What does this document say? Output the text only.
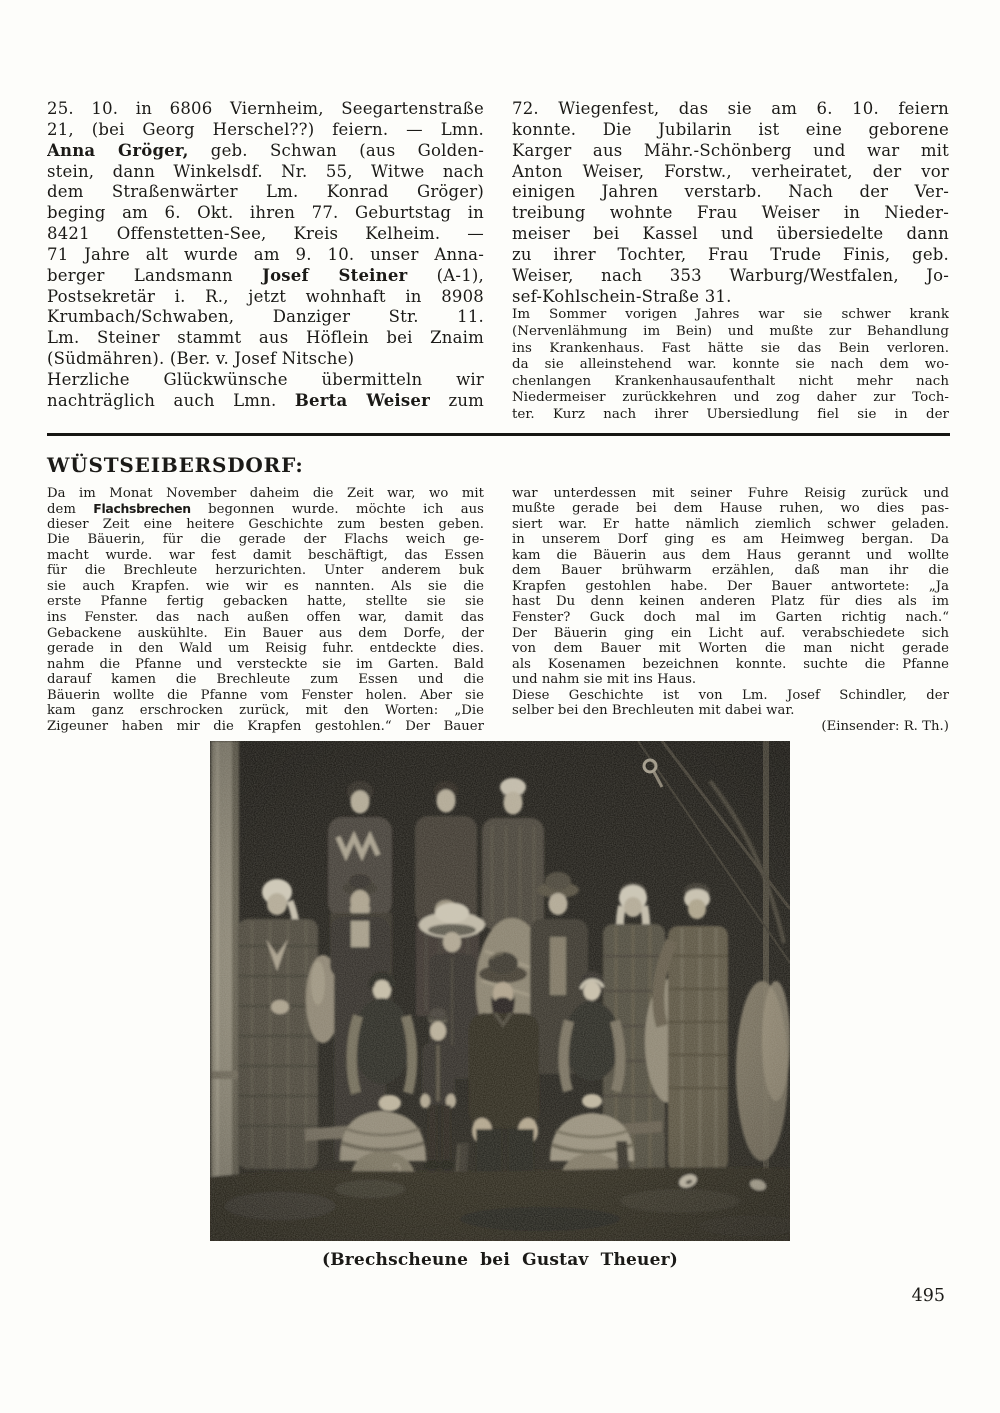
25. 10. in 6806 Viernheim, Seegartenstraße
21, (bei Georg Herschel??) feiern. — Lmn.
Anna Gröger, geb. Schwan (aus Golden-
stein, dann Winkelsdf. Nr. 55, Witwe nach
dem Straßenwärter Lm. Konrad Gröger)
beging am 6. Okt. ihren 77. Geburtstag in
8421 Offenstetten-See, Kreis Kelheim. —
71 Jahre alt wurde am 9. 10. unser Anna-
berger Landsmann Josef Steiner (A-1),
Postsekretär i. R., jetzt wohnhaft in 8908
Krumbach/Schwaben, Danziger Str. 11.
Lm. Steiner stammt aus Höflein bei Znaim
(Südmähren). (Ber. v. Josef Nitsche)
Herzliche Glückwünsche übermitteln wir
nachträglich auch Lmn. Berta Weiser zum
72. Wiegenfest, das sie am 6. 10. feiern
konnte. Die Jubilarin ist eine geborene
Karger aus Mähr.-Schönberg und war mit
Anton Weiser, Forstw., verheiratet, der vor
einigen Jahren verstarb. Nach der Ver-
treibung wohnte Frau Weiser in Nieder-
meiser bei Kassel und übersiedelte dann
zu ihrer Tochter, Frau Trude Finis, geb.
Weiser, nach 353 Warburg/Westfalen, Jo-
sef-Kohlschein-Straße 31.
Im Sommer vorigen Jahres war sie schwer krank
(Nervenlähmung im Bein) und mußte zur Behandlung
ins Krankenhaus. Fast hätte sie das Bein verloren.
da sie alleinstehend war. konnte sie nach dem wo-
chenlangen Krankenhausaufenthalt nicht mehr nach
Niedermeiser zurückkehren und zog daher zur Toch-
ter. Kurz nach ihrer Übersiedlung fiel sie in der
WÜSTSEIBERSDORF:
Da im Monat November daheim die Zeit war, wo mit
dem Flachsbrechen begonnen wurde. möchte ich aus
dieser Zeit eine heitere Geschichte zum besten geben.
Die Bäuerin, für die gerade der Flachs weich ge-
macht wurde. war fest damit beschäftigt, das Essen
für die Brechleute herzurichten. Unter anderem buk
sie auch Krapfen. wie wir es nannten. Als sie die
erste Pfanne fertig gebacken hatte, stellte sie sie
ins Fenster. das nach außen offen war, damit das
Gebackene auskühlte. Ein Bauer aus dem Dorfe, der
gerade in den Wald um Reisig fuhr. entdeckte dies.
nahm die Pfanne und versteckte sie im Garten. Bald
darauf kamen die Brechleute zum Essen und die
Bäuerin wollte die Pfanne vom Fenster holen. Aber sie
kam ganz erschrocken zurück, mit den Worten: „Die
Zigeuner haben mir die Krapfen gestohlen.“ Der Bauer
war unterdessen mit seiner Fuhre Reisig zurück und
mußte gerade bei dem Hause ruhen, wo dies pas-
siert war. Er hatte nämlich ziemlich schwer geladen.
in unserem Dorf ging es am Heimweg bergan. Da
kam die Bäuerin aus dem Haus gerannt und wollte
dem Bauer brühwarm erzählen, daß man ihr die
Krapfen gestohlen habe. Der Bauer antwortete: „Ja
hast Du denn keinen anderen Platz für dies als im
Fenster? Guck doch mal im Garten richtig nach.“
Der Bäuerin ging ein Licht auf. verabschiedete sich
von dem Bauer mit Worten die man nicht gerade
als Kosenamen bezeichnen konnte. suchte die Pfanne
und nahm sie mit ins Haus.
Diese Geschichte ist von Lm. Josef Schindler, der
selber bei den Brechleuten mit dabei war.
(Einsender: R. Th.)
(Brechscheune bei Gustav Theuer)
495
